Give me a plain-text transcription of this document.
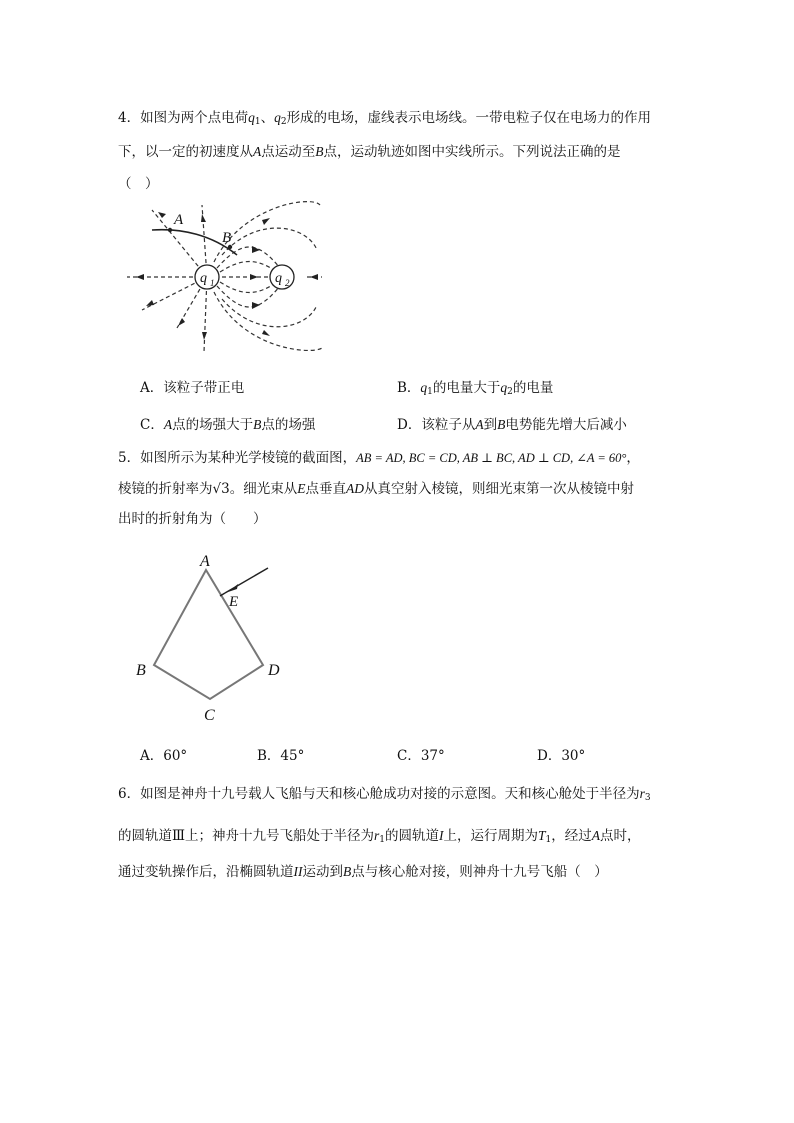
4．如图为两个点电荷$q_1$、$q_2$形成的电场，虚线表示电场线。一带电粒子仅在电场力的作用
下，以一定的初速度从A点运动至B点，运动轨迹如图中实线所示。下列说法正确的是
（　）
q 1	q 2
A
B
A．该粒子带正电	B．$q_1$的电量大于$q_2$的电量
C．A点的场强大于B点的场强	D．该粒子从A到B电势能先增大后减小
5．如图所示为某种光学棱镜的截面图，AB = AD, BC = CD, AB ⊥ BC, AD ⊥ CD, ∠A = 60°，
棱镜的折射率为√3。细光束从E点垂直AD从真空射入棱镜，则细光束第一次从棱镜中射
出时的折射角为（　　）
A
B
C
D
E
A．60°	B．45°	C．37°	D．30°
6．如图是神舟十九号载人飞船与天和核心舱成功对接的示意图。天和核心舱处于半径为$r_3$
的圆轨道Ⅲ上；神舟十九号飞船处于半径为$r_1$的圆轨道I上，运行周期为$T_1$，经过A点时，
通过变轨操作后，沿椭圆轨道II运动到B点与核心舱对接，则神舟十九号飞船（　）
